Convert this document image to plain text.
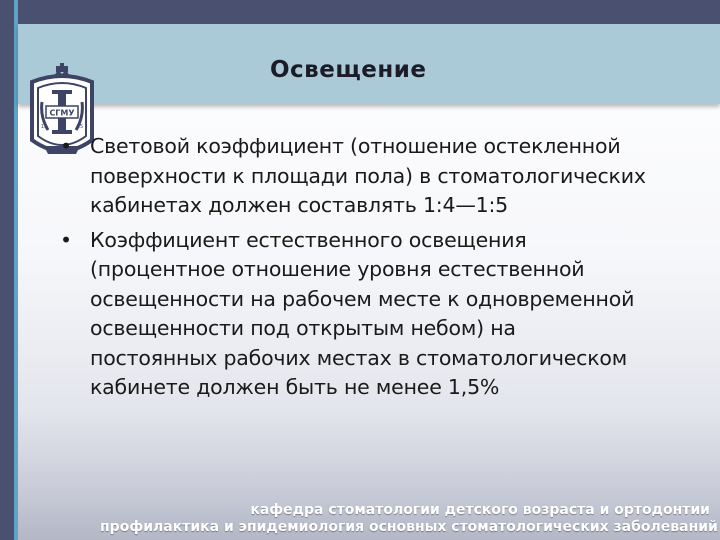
Освещение
СГМУ
19	35
• Световой коэффициент (отношение остекленной
поверхности к площади пола) в стоматологических
кабинетах должен составлять 1:4—1:5
• Коэффициент естественного освещения
(процентное отношение уровня естественной
освещенности на рабочем месте к одновременной
освещенности под открытым небом) на
постоянных рабочих местах в стоматологическом
кабинете должен быть не менее 1,5%
кафедра стоматологии детского возраста и ортодонтии
профилактика и эпидемиология основных стоматологических заболеваний
